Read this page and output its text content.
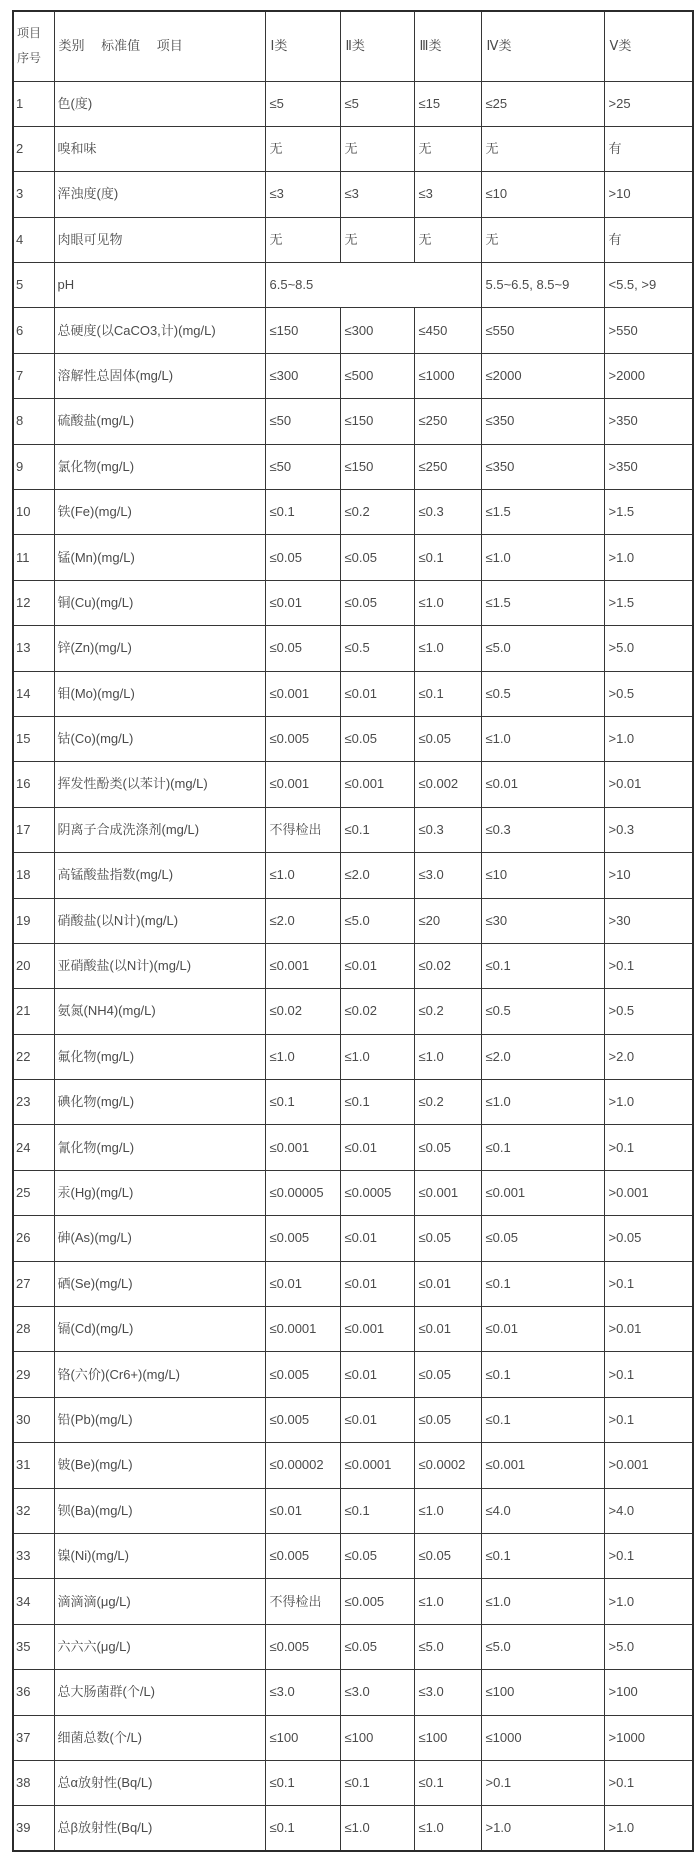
项目序号	类别　 标准值　 项目	Ⅰ类	Ⅱ类	Ⅲ类	Ⅳ类	Ⅴ类
1	色(度)	≤5	≤5	≤15	≤25	>25
2	嗅和味	无	无	无	无	有
3	浑浊度(度)	≤3	≤3	≤3	≤10	>10
4	肉眼可见物	无	无	无	无	有
5	pH	6.5~8.5			5.5~6.5, 8.5~9	<5.5, >9
6	总硬度(以CaCO3,计)(mg/L)	≤150	≤300	≤450	≤550	>550
7	溶解性总固体(mg/L)	≤300	≤500	≤1000	≤2000	>2000
8	硫酸盐(mg/L)	≤50	≤150	≤250	≤350	>350
9	氯化物(mg/L)	≤50	≤150	≤250	≤350	>350
10	铁(Fe)(mg/L)	≤0.1	≤0.2	≤0.3	≤1.5	>1.5
11	锰(Mn)(mg/L)	≤0.05	≤0.05	≤0.1	≤1.0	>1.0
12	铜(Cu)(mg/L)	≤0.01	≤0.05	≤1.0	≤1.5	>1.5
13	锌(Zn)(mg/L)	≤0.05	≤0.5	≤1.0	≤5.0	>5.0
14	钼(Mo)(mg/L)	≤0.001	≤0.01	≤0.1	≤0.5	>0.5
15	钴(Co)(mg/L)	≤0.005	≤0.05	≤0.05	≤1.0	>1.0
16	挥发性酚类(以苯计)(mg/L)	≤0.001	≤0.001	≤0.002	≤0.01	>0.01
17	阴离子合成洗涤剂(mg/L)	不得检出	≤0.1	≤0.3	≤0.3	>0.3
18	高锰酸盐指数(mg/L)	≤1.0	≤2.0	≤3.0	≤10	>10
19	硝酸盐(以N计)(mg/L)	≤2.0	≤5.0	≤20	≤30	>30
20	亚硝酸盐(以N计)(mg/L)	≤0.001	≤0.01	≤0.02	≤0.1	>0.1
21	氨氮(NH4)(mg/L)	≤0.02	≤0.02	≤0.2	≤0.5	>0.5
22	氟化物(mg/L)	≤1.0	≤1.0	≤1.0	≤2.0	>2.0
23	碘化物(mg/L)	≤0.1	≤0.1	≤0.2	≤1.0	>1.0
24	氰化物(mg/L)	≤0.001	≤0.01	≤0.05	≤0.1	>0.1
25	汞(Hg)(mg/L)	≤0.00005	≤0.0005	≤0.001	≤0.001	>0.001
26	砷(As)(mg/L)	≤0.005	≤0.01	≤0.05	≤0.05	>0.05
27	硒(Se)(mg/L)	≤0.01	≤0.01	≤0.01	≤0.1	>0.1
28	镉(Cd)(mg/L)	≤0.0001	≤0.001	≤0.01	≤0.01	>0.01
29	铬(六价)(Cr6+)(mg/L)	≤0.005	≤0.01	≤0.05	≤0.1	>0.1
30	铅(Pb)(mg/L)	≤0.005	≤0.01	≤0.05	≤0.1	>0.1
31	铍(Be)(mg/L)	≤0.00002	≤0.0001	≤0.0002	≤0.001	>0.001
32	钡(Ba)(mg/L)	≤0.01	≤0.1	≤1.0	≤4.0	>4.0
33	镍(Ni)(mg/L)	≤0.005	≤0.05	≤0.05	≤0.1	>0.1
34	滴滴滴(μg/L)	不得检出	≤0.005	≤1.0	≤1.0	>1.0
35	六六六(μg/L)	≤0.005	≤0.05	≤5.0	≤5.0	>5.0
36	总大肠菌群(个/L)	≤3.0	≤3.0	≤3.0	≤100	>100
37	细菌总数(个/L)	≤100	≤100	≤100	≤1000	>1000
38	总α放射性(Bq/L)	≤0.1	≤0.1	≤0.1	>0.1	>0.1
39	总β放射性(Bq/L)	≤0.1	≤1.0	≤1.0	>1.0	>1.0
